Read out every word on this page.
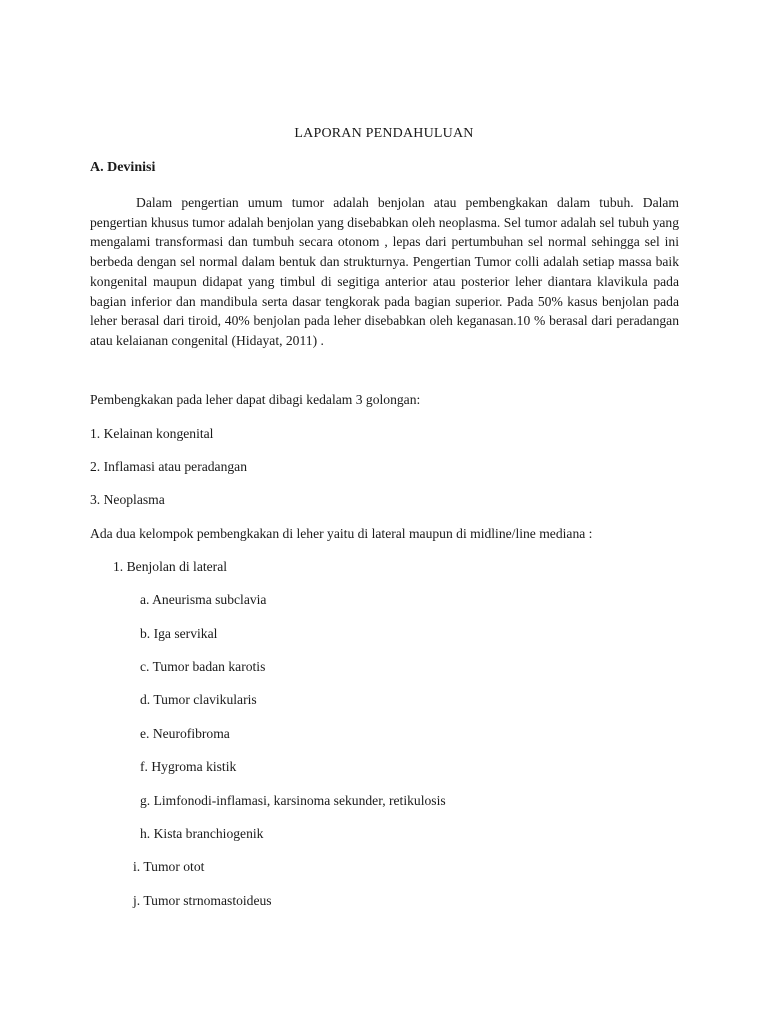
LAPORAN PENDAHULUAN
A. Devinisi
Dalam pengertian umum tumor adalah benjolan atau pembengkakan dalam tubuh. Dalam pengertian khusus tumor adalah benjolan yang disebabkan oleh neoplasma. Sel tumor adalah sel tubuh yang mengalami transformasi dan tumbuh secara otonom , lepas dari pertumbuhan sel normal sehingga sel ini berbeda dengan sel normal dalam bentuk dan strukturnya. Pengertian Tumor colli adalah setiap massa baik kongenital maupun didapat yang timbul di segitiga anterior atau posterior leher diantara klavikula pada bagian inferior dan mandibula serta dasar tengkorak pada bagian superior. Pada 50% kasus benjolan pada leher berasal dari tiroid, 40% benjolan pada leher disebabkan oleh keganasan.10 % berasal dari peradangan atau kelaianan congenital (Hidayat, 2011) .
Pembengkakan pada leher dapat dibagi kedalam 3 golongan:
1. Kelainan kongenital
2. Inflamasi atau peradangan
3. Neoplasma
Ada dua kelompok pembengkakan di leher yaitu di lateral maupun di midline/line mediana :
1. Benjolan di lateral
a. Aneurisma subclavia
b. Iga servikal
c. Tumor badan karotis
d. Tumor clavikularis
e. Neurofibroma
f. Hygroma kistik
g. Limfonodi-inflamasi, karsinoma sekunder, retikulosis
h. Kista branchiogenik
i. Tumor otot
j. Tumor strnomastoideus
